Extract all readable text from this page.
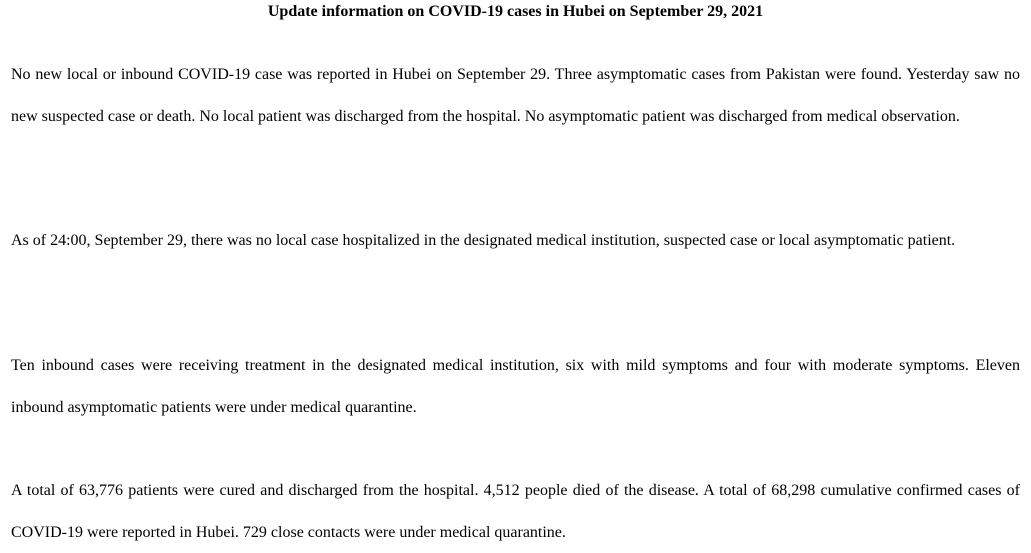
Update information on COVID-19 cases in Hubei on September 29, 2021

No new local or inbound COVID-19 case was reported in Hubei on September 29. Three asymptomatic cases from Pakistan were found. Yesterday saw no new suspected case or death. No local patient was discharged from the hospital. No asymptomatic patient was discharged from medical observation.

As of 24:00, September 29, there was no local case hospitalized in the designated medical institution, suspected case or local asymptomatic patient.

Ten inbound cases were receiving treatment in the designated medical institution, six with mild symptoms and four with moderate symptoms. Eleven inbound asymptomatic patients were under medical quarantine.

A total of 63,776 patients were cured and discharged from the hospital. 4,512 people died of the disease. A total of 68,298 cumulative confirmed cases of COVID-19 were reported in Hubei. 729 close contacts were under medical quarantine.
